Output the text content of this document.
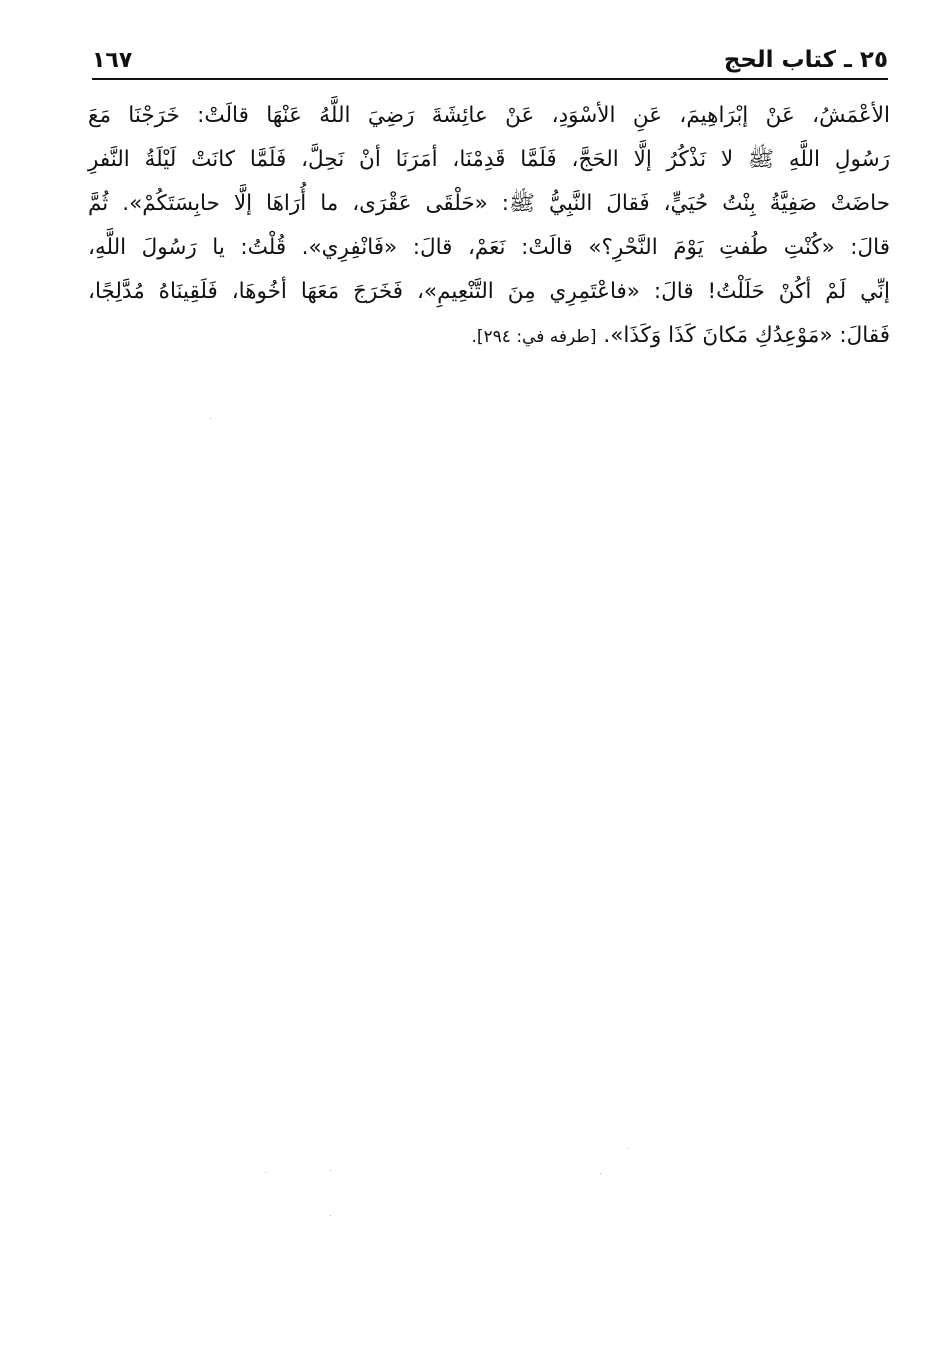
٢٥ ـ كتاب الحج
١٦٧
الأعْمَشُ، عَنْ إبْرَاهِيمَ، عَنِ الأسْوَدِ، عَنْ عائِشَةَ رَضِيَ اللَّهُ عَنْهَا قالَتْ: خَرَجْنَا مَعَ
رَسُولِ اللَّهِ ﷺ لا نَذْكُرُ إلَّا الحَجَّ، فَلَمَّا قَدِمْنَا، أمَرَنَا أنْ نَحِلَّ، فَلَمَّا كانَتْ لَيْلَةُ النَّفرِ
حاضَتْ صَفِيَّةُ بِنْتُ حُيَيٍّ، فَقالَ النَّبِيُّ ﷺ: «حَلْقَى عَقْرَى، ما أُرَاهَا إلَّا حابِسَتَكُمْ». ثُمَّ
قالَ: «كُنْتِ طُفتِ يَوْمَ النَّحْرِ؟» قالَتْ: نَعَمْ، قالَ: «فَانْفِرِي». قُلْتُ: يا رَسُولَ اللَّهِ،
إنِّي لَمْ أكُنْ حَلَلْتُ! قالَ: «فاعْتَمِرِي مِنَ التَّنْعِيمِ»، فَخَرَجَ مَعَهَا أخُوهَا، فَلَقِينَاهُ مُدَّلِجًا،
فَقالَ: «مَوْعِدُكِ مَكانَ كَذَا وَكَذَا». [طرفه في: ٢٩٤].
